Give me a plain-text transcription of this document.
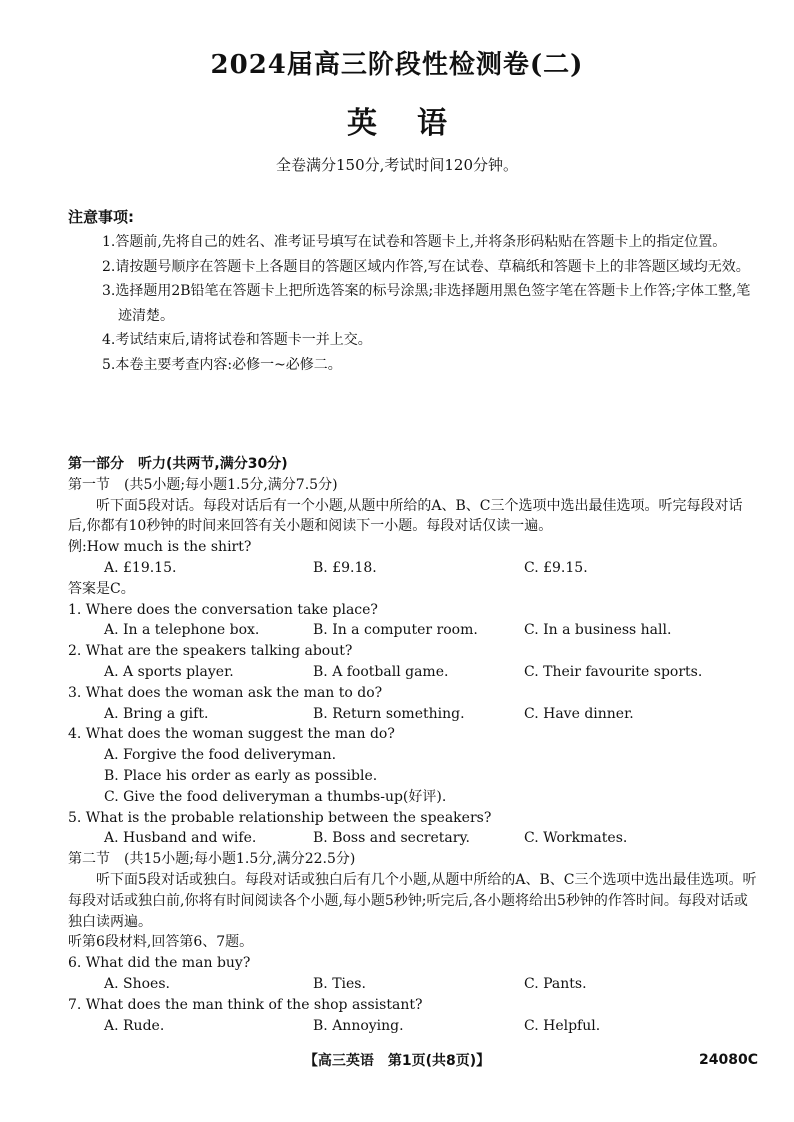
2024届高三阶段性检测卷(二)
英语
全卷满分150分,考试时间120分钟。
注意事项:
1.答题前,先将自己的姓名、准考证号填写在试卷和答题卡上,并将条形码粘贴在答题卡上的指定位置。
2.请按题号顺序在答题卡上各题目的答题区域内作答,写在试卷、草稿纸和答题卡上的非答题区域均无效。
3.选择题用2B铅笔在答题卡上把所选答案的标号涂黑;非选择题用黑色签字笔在答题卡上作答;字体工整,笔迹清楚。
4.考试结束后,请将试卷和答题卡一并上交。
5.本卷主要考查内容:必修一~必修二。
第一部分　听力(共两节,满分30分)
第一节　(共5小题;每小题1.5分,满分7.5分)
听下面5段对话。每段对话后有一个小题,从题中所给的A、B、C三个选项中选出最佳选项。听完每段对话后,你都有10秒钟的时间来回答有关小题和阅读下一小题。每段对话仅读一遍。
例:How much is the shirt?
A. £19.15.	B. £9.18.	C. £9.15.
答案是C。
1. Where does the conversation take place?
A. In a telephone box.	B. In a computer room.	C. In a business hall.
2. What are the speakers talking about?
A. A sports player.	B. A football game.	C. Their favourite sports.
3. What does the woman ask the man to do?
A. Bring a gift.	B. Return something.	C. Have dinner.
4. What does the woman suggest the man do?
A. Forgive the food deliveryman.
B. Place his order as early as possible.
C. Give the food deliveryman a thumbs-up(好评).
5. What is the probable relationship between the speakers?
A. Husband and wife.	B. Boss and secretary.	C. Workmates.
第二节　(共15小题;每小题1.5分,满分22.5分)
听下面5段对话或独白。每段对话或独白后有几个小题,从题中所给的A、B、C三个选项中选出最佳选项。听每段对话或独白前,你将有时间阅读各个小题,每小题5秒钟;听完后,各小题将给出5秒钟的作答时间。每段对话或独白读两遍。
听第6段材料,回答第6、7题。
6. What did the man buy?
A. Shoes.	B. Ties.	C. Pants.
7. What does the man think of the shop assistant?
A. Rude.	B. Annoying.	C. Helpful.
【高三英语　第1页(共8页)】	24080C
